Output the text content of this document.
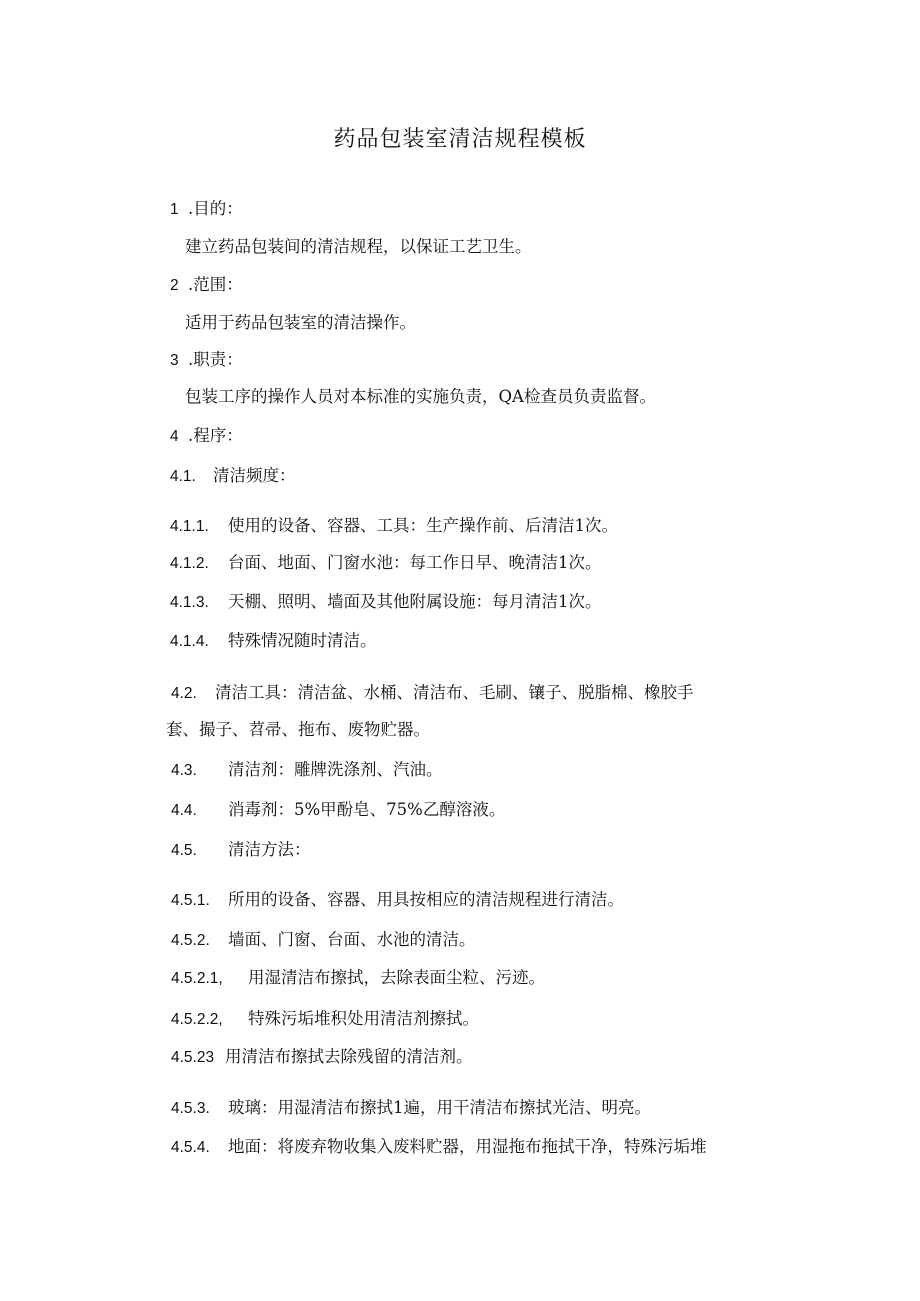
药品包装室清洁规程模板
1 .目的：
建立药品包装间的清洁规程，以保证工艺卫生。
2 .范围：
适用于药品包装室的清洁操作。
3 .职责：
包装工序的操作人员对本标准的实施负责，QA检查员负责监督。
4 .程序：
4.1. 清洁频度：
4.1.1. 使用的设备、容器、工具：生产操作前、后清洁1次。
4.1.2. 台面、地面、门窗水池：每工作日早、晚清洁1次。
4.1.3. 天棚、照明、墙面及其他附属设施：每月清洁1次。
4.1.4. 特殊情况随时清洁。
4.2. 清洁工具：清洁盆、水桶、清洁布、毛刷、镶子、脱脂棉、橡胶手
套、撮子、苕帚、拖布、废物贮器。
4.3. 清洁剂：雕牌洗涤剂、汽油。
4.4. 消毒剂：5%甲酚皂、75%乙醇溶液。
4.5. 清洁方法：
4.5.1. 所用的设备、容器、用具按相应的清洁规程进行清洁。
4.5.2. 墙面、门窗、台面、水池的清洁。
4.5.2.1, 用湿清洁布擦拭，去除表面尘粒、污迹。
4.5.2.2, 特殊污垢堆积处用清洁剂擦拭。
4.5.23 用清洁布擦拭去除残留的清洁剂。
4.5.3. 玻璃：用湿清洁布擦拭1遍，用干清洁布擦拭光洁、明亮。
4.5.4. 地面：将废弃物收集入废料贮器，用湿拖布拖拭干净，特殊污垢堆
